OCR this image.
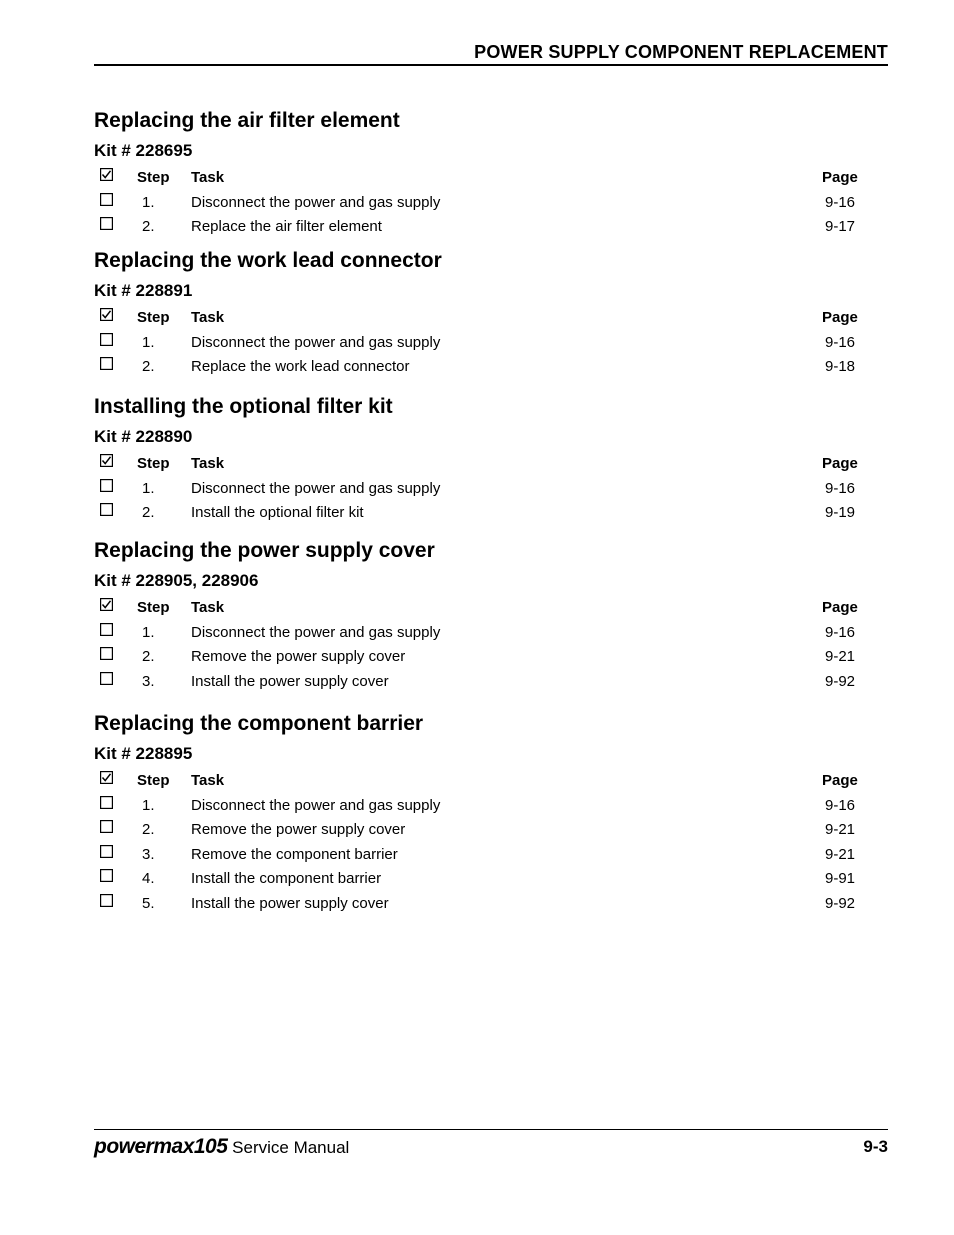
POWER SUPPLY COMPONENT REPLACEMENT
Replacing the air filter element
Kit # 228695
Step Task	Page
1. Disconnect the power and gas supply	9-16
2. Replace the air filter element	9-17
Replacing the work lead connector
Kit # 228891
Step Task	Page
1. Disconnect the power and gas supply	9-16
2. Replace the work lead connector	9-18
Installing the optional filter kit
Kit # 228890
Step Task	Page
1. Disconnect the power and gas supply	9-16
2. Install the optional filter kit	9-19
Replacing the power supply cover
Kit # 228905, 228906
Step Task	Page
1. Disconnect the power and gas supply	9-16
2. Remove the power supply cover	9-21
3. Install the power supply cover	9-92
Replacing the component barrier
Kit # 228895
Step Task	Page
1. Disconnect the power and gas supply	9-16
2. Remove the power supply cover	9-21
3. Remove the component barrier	9-21
4. Install the component barrier	9-91
5. Install the power supply cover	9-92
powermax105 Service Manual	9-3
